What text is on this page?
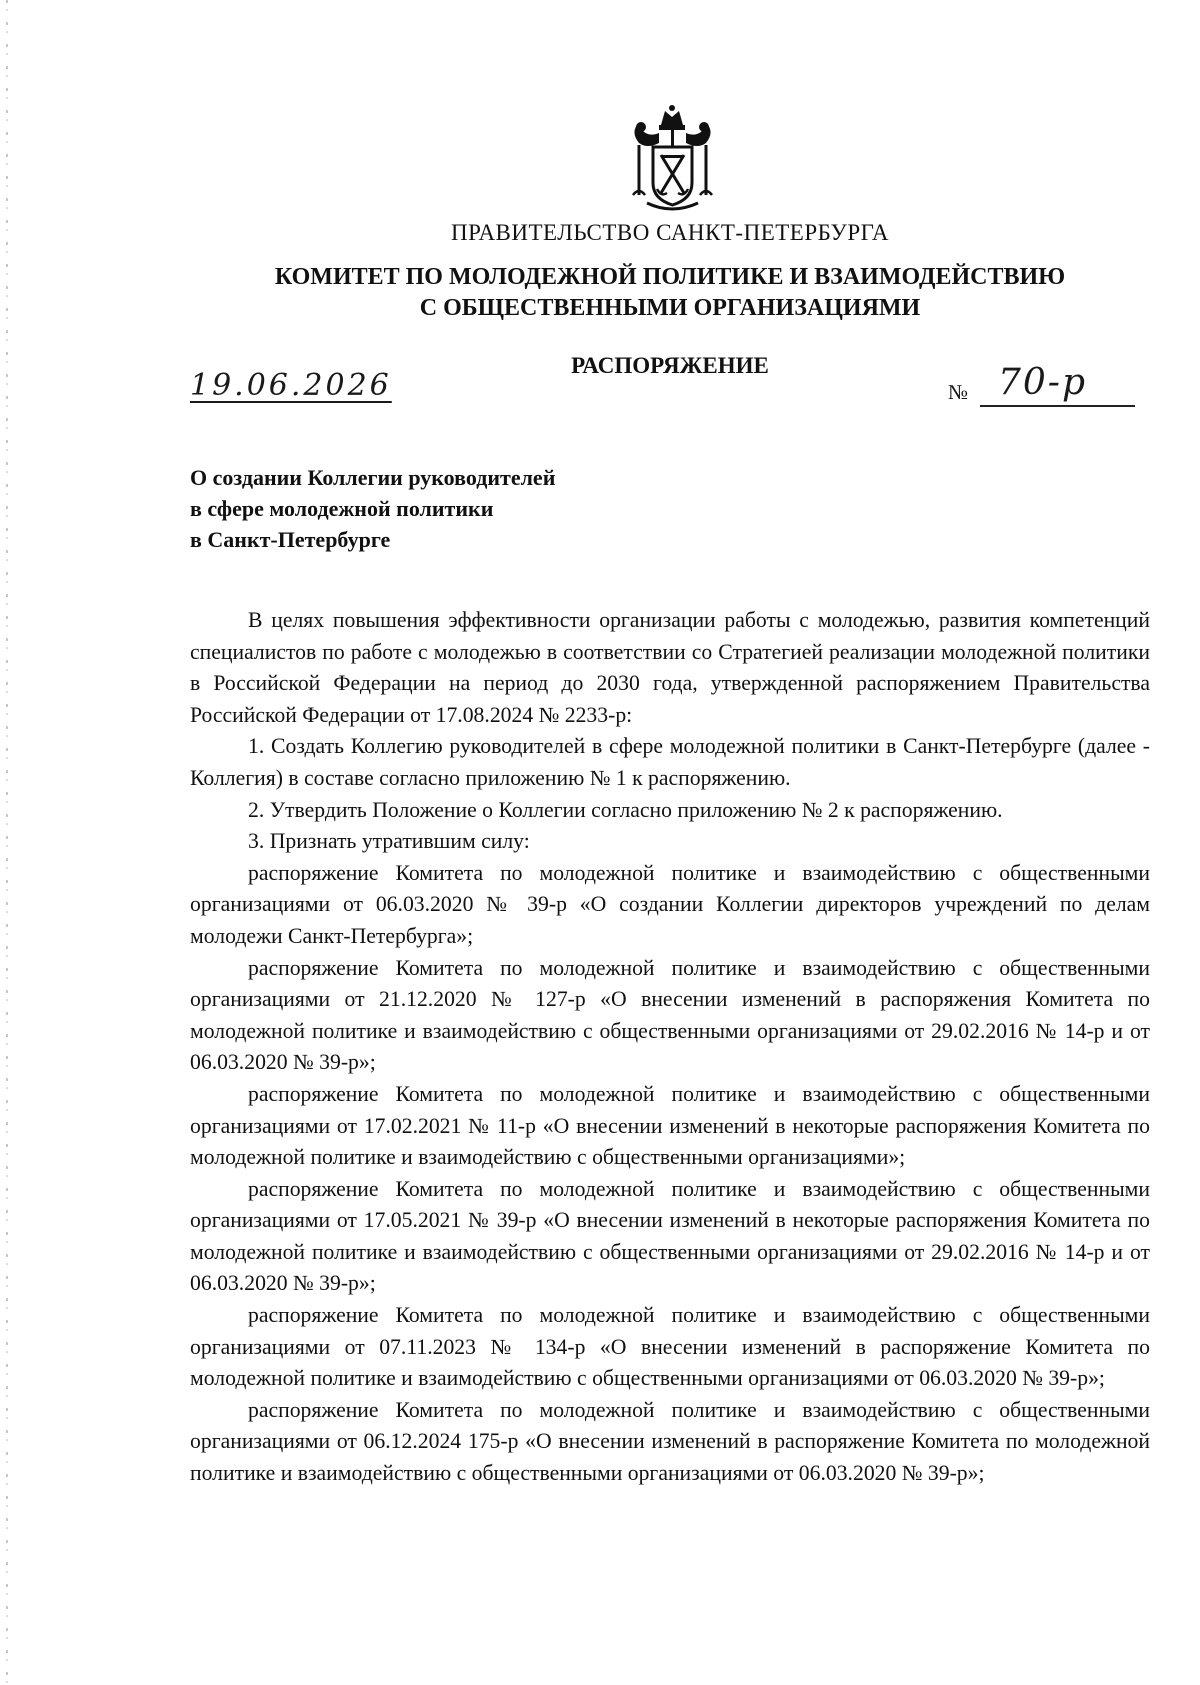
ПРАВИТЕЛЬСТВО САНКТ-ПЕТЕРБУРГА
КОМИТЕТ ПО МОЛОДЕЖНОЙ ПОЛИТИКЕ И ВЗАИМОДЕЙСТВИЮ
С ОБЩЕСТВЕННЫМИ ОРГАНИЗАЦИЯМИ
РАСПОРЯЖЕНИЕ
19.06.2026	№ 70-р
О создании Коллегии руководителей
в сфере молодежной политики
в Санкт-Петербурге

В целях повышения эффективности организации работы с молодежью, развития компетенций специалистов по работе с молодежью в соответствии со Стратегией реализации молодежной политики в Российской Федерации на период до 2030 года, утвержденной распоряжением Правительства Российской Федерации от 17.08.2024 № 2233-р:

1. Создать Коллегию руководителей в сфере молодежной политики в Санкт-Петербурге (далее - Коллегия) в составе согласно приложению № 1 к распоряжению.

2. Утвердить Положение о Коллегии согласно приложению № 2 к распоряжению.

3. Признать утратившим силу:

распоряжение Комитета по молодежной политике и взаимодействию с общественными организациями от 06.03.2020 № 39-р «О создании Коллегии директоров учреждений по делам молодежи Санкт-Петербурга»;

распоряжение Комитета по молодежной политике и взаимодействию с общественными организациями от 21.12.2020 № 127-р «О внесении изменений в распоряжения Комитета по молодежной политике и взаимодействию с общественными организациями от 29.02.2016 № 14-р и от 06.03.2020 № 39-р»;

распоряжение Комитета по молодежной политике и взаимодействию с общественными организациями от 17.02.2021 № 11-р «О внесении изменений в некоторые распоряжения Комитета по молодежной политике и взаимодействию с общественными организациями»;

распоряжение Комитета по молодежной политике и взаимодействию с общественными организациями от 17.05.2021 № 39-р «О внесении изменений в некоторые распоряжения Комитета по молодежной политике и взаимодействию с общественными организациями от 29.02.2016 № 14-р и от 06.03.2020 № 39-р»;

распоряжение Комитета по молодежной политике и взаимодействию с общественными организациями от 07.11.2023 № 134-р «О внесении изменений в распоряжение Комитета по молодежной политике и взаимодействию с общественными организациями от 06.03.2020 № 39-р»;

распоряжение Комитета по молодежной политике и взаимодействию с общественными организациями от 06.12.2024 175-р «О внесении изменений в распоряжение Комитета по молодежной политике и взаимодействию с общественными организациями от 06.03.2020 № 39-р»;
